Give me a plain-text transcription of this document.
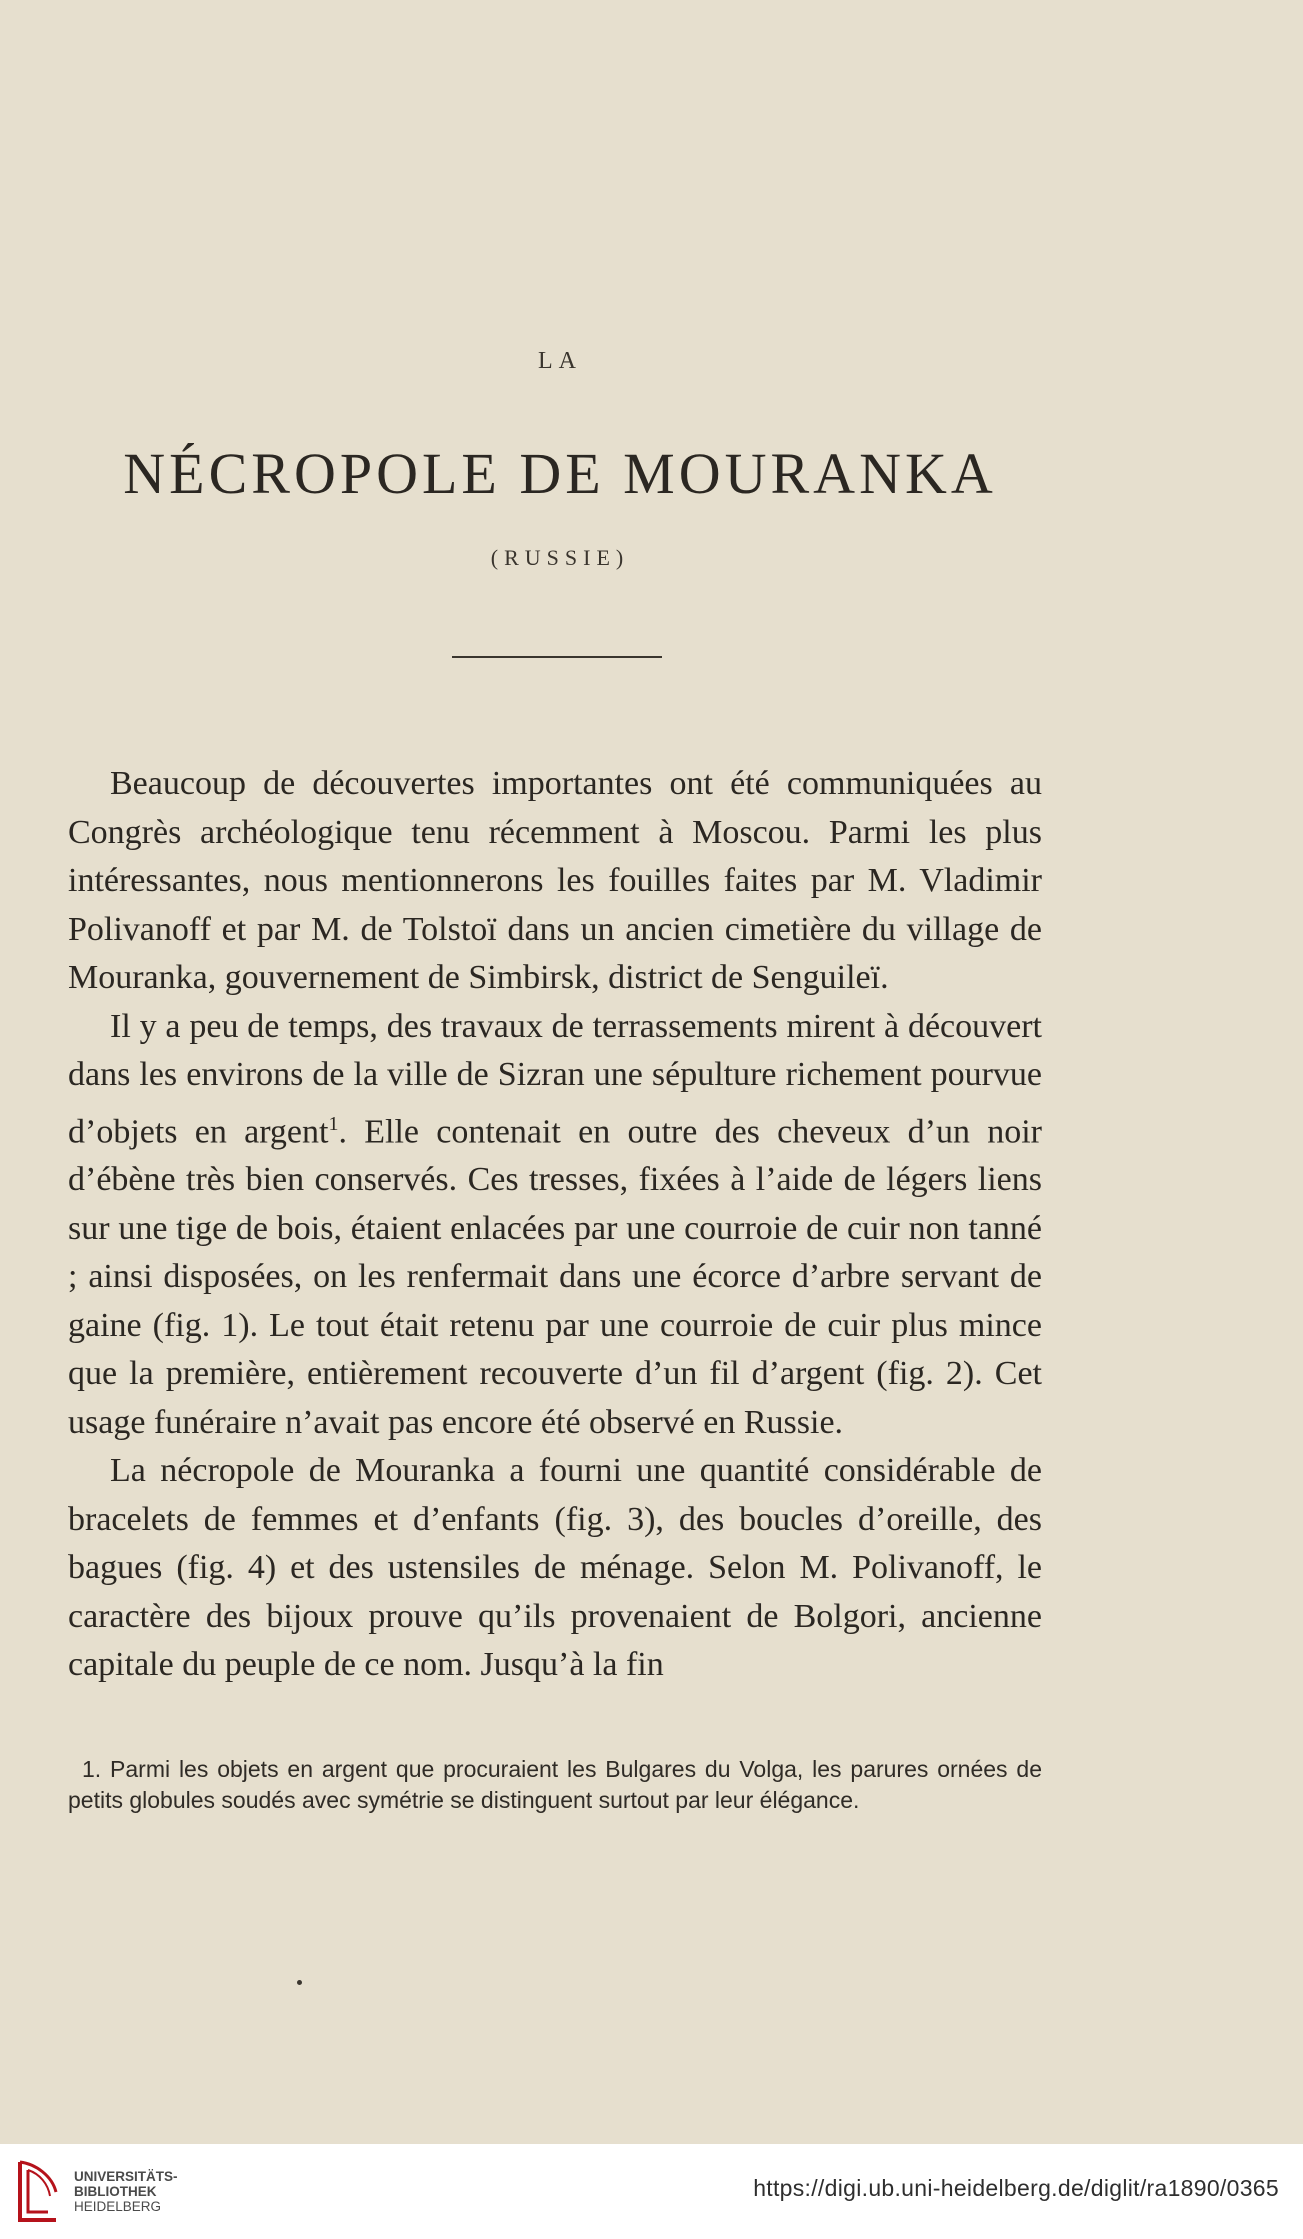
LA
NÉCROPOLE DE MOURANKA
(RUSSIE)

Beaucoup de découvertes importantes ont été communiquées au Congrès archéologique tenu récemment à Moscou. Parmi les plus intéressantes, nous mentionnerons les fouilles faites par M. Vladimir Polivanoff et par M. de Tolstoï dans un ancien cimetière du village de Mouranka, gouvernement de Simbirsk, district de Senguileï.

Il y a peu de temps, des travaux de terrassements mirent à découvert dans les environs de la ville de Sizran une sépulture richement pourvue d’objets en argent$^1$. Elle contenait en outre des cheveux d’un noir d’ébène très bien conservés. Ces tresses, fixées à l’aide de légers liens sur une tige de bois, étaient enlacées par une courroie de cuir non tanné ; ainsi disposées, on les renfermait dans une écorce d’arbre servant de gaine (fig. 1). Le tout était retenu par une courroie de cuir plus mince que la première, entièrement recouverte d’un fil d’argent (fig. 2). Cet usage funéraire n’avait pas encore été observé en Russie.

La nécropole de Mouranka a fourni une quantité considérable de bracelets de femmes et d’enfants (fig. 3), des boucles d’oreille, des bagues (fig. 4) et des ustensiles de ménage. Selon M. Polivanoff, le caractère des bijoux prouve qu’ils provenaient de Bolgori, ancienne capitale du peuple de ce nom. Jusqu’à la fin

1. Parmi les objets en argent que procuraient les Bulgares du Volga, les parures ornées de petits globules soudés avec symétrie se distinguent surtout par leur élégance.

UNIVERSITÄTS-
BIBLIOTHEK
HEIDELBERG
https://digi.ub.uni-heidelberg.de/diglit/ra1890/0365
